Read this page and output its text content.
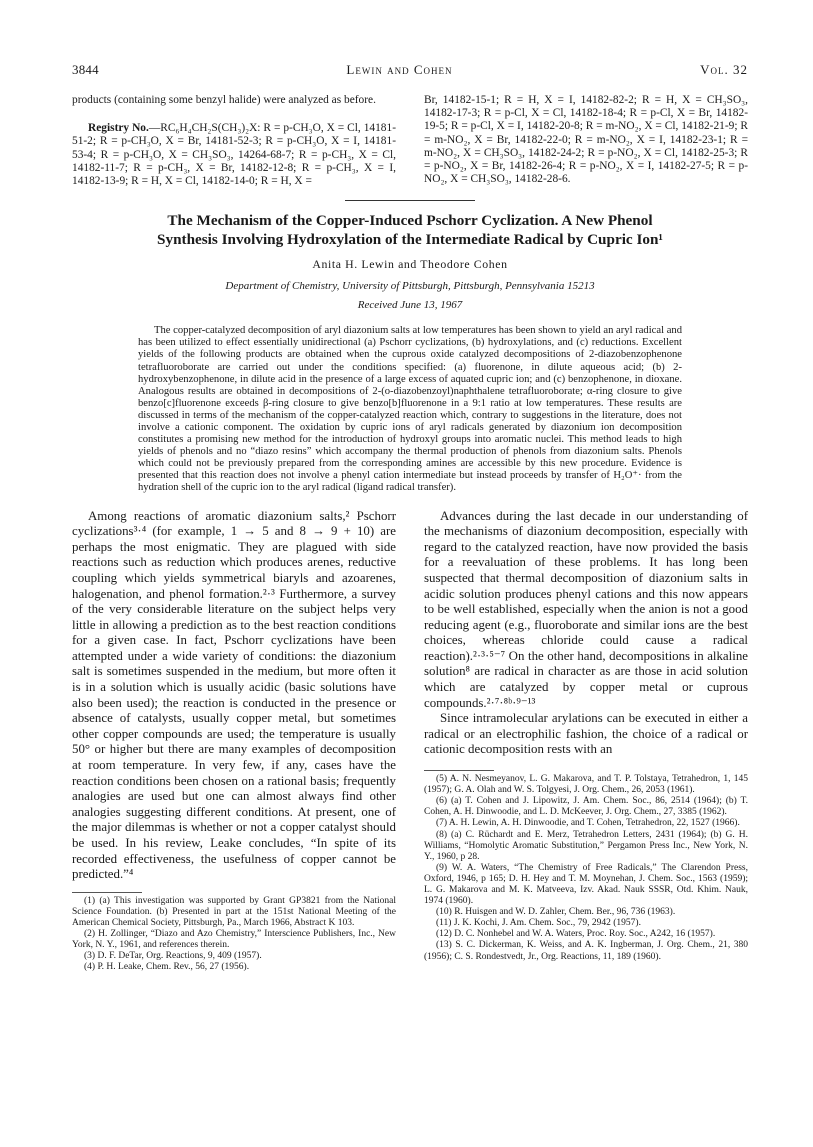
3844	Lewin and Cohen	Vol. 32

products (containing some benzyl halide) were analyzed as before.

Registry No.—RC₆H₄CH₂S(CH₃)₂X: R = p-CH₃O, X = Cl, 14181-51-2; R = p-CH₃O, X = Br, 14181-52-3; R = p-CH₃O, X = I, 14181-53-4; R = p-CH₃O, X = CH₃SO₃, 14264-68-7; R = p-CH₃, X = Cl, 14182-11-7; R = p-CH₃, X = Br, 14182-12-8; R = p-CH₃, X = I, 14182-13-9; R = H, X = Cl, 14182-14-0; R = H, X =

Br, 14182-15-1; R = H, X = I, 14182-82-2; R = H, X = CH₃SO₃, 14182-17-3; R = p-Cl, X = Cl, 14182-18-4; R = p-Cl, X = Br, 14182-19-5; R = p-Cl, X = I, 14182-20-8; R = m-NO₂, X = Cl, 14182-21-9; R = m-NO₂, X = Br, 14182-22-0; R = m-NO₂, X = I, 14182-23-1; R = m-NO₂, X = CH₃SO₃, 14182-24-2; R = p-NO₂, X = Cl, 14182-25-3; R = p-NO₂, X = Br, 14182-26-4; R = p-NO₂, X = I, 14182-27-5; R = p-NO₂, X = CH₃SO₃, 14182-28-6.

The Mechanism of the Copper-Induced Pschorr Cyclization. A New Phenol
Synthesis Involving Hydroxylation of the Intermediate Radical by Cupric Ion¹
Anita H. Lewin and Theodore Cohen
Department of Chemistry, University of Pittsburgh, Pittsburgh, Pennsylvania 15213
Received June 13, 1967
The copper-catalyzed decomposition of aryl diazonium salts at low temperatures has been shown to yield an aryl radical and has been utilized to effect essentially unidirectional (a) Pschorr cyclizations, (b) hydroxylations, and (c) reductions. Excellent yields of the following products are obtained when the cuprous oxide catalyzed decompositions of 2-diazobenzophenone tetrafluoroborate are carried out under the conditions specified: (a) fluorenone, in dilute aqueous acid; (b) 2-hydroxybenzophenone, in dilute acid in the presence of a large excess of aquated cupric ion; and (c) benzophenone, in dioxane. Analogous results are obtained in decompositions of 2-(o-diazobenzoyl)naphthalene tetrafluoroborate; α-ring closure to give benzo[c]fluorenone exceeds β-ring closure to give benzo[b]fluorenone in a 9:1 ratio at low temperatures. These results are discussed in terms of the mechanism of the copper-catalyzed reaction which, contrary to suggestions in the literature, does not involve a cationic component. The oxidation by cupric ions of aryl radicals generated by diazonium ion decomposition constitutes a promising new method for the introduction of hydroxyl groups into aromatic nuclei. This method leads to high yields of phenols and no “diazo resins” which accompany the thermal production of phenols from diazonium salts. Phenols which could not be previously prepared from the corresponding amines are accessible by this new procedure. Evidence is presented that this reaction does not involve a phenyl cation intermediate but instead proceeds by transfer of H₂O⁺· from the hydration shell of the cupric ion to the aryl radical (ligand radical transfer).

Among reactions of aromatic diazonium salts,² Pschorr cyclizations³·⁴ (for example, 1 → 5 and 8 → 9 + 10) are perhaps the most enigmatic. They are plagued with side reactions such as reduction which produces arenes, reductive coupling which yields symmetrical biaryls and azoarenes, halogenation, and phenol formation.²·³ Furthermore, a survey of the very considerable literature on the subject helps very little in allowing a prediction as to the best reaction conditions for a given case. In fact, Pschorr cyclizations have been attempted under a wide variety of conditions: the diazonium salt is sometimes suspended in the medium, but more often it is in a solution which is usually acidic (basic solutions have also been used); the reaction is conducted in the presence or absence of catalysts, usually copper metal, but sometimes other copper compounds are used; the temperature is usually 50° or higher but there are many examples of decomposition at room temperature. In very few, if any, cases have the reaction conditions been chosen on a rational basis; frequently analogies are used but one can almost always find other analogies suggesting different conditions. At present, one of the major dilemmas is whether or not a copper catalyst should be used. In his review, Leake concludes, “In spite of its recorded effectiveness, the usefulness of copper cannot be predicted.”⁴

(1) (a) This investigation was supported by Grant GP3821 from the National Science Foundation. (b) Presented in part at the 151st National Meeting of the American Chemical Society, Pittsburgh, Pa., March 1966, Abstract K 103.

(2) H. Zollinger, “Diazo and Azo Chemistry,” Interscience Publishers, Inc., New York, N. Y., 1961, and references therein.

(3) D. F. DeTar, Org. Reactions, 9, 409 (1957).

(4) P. H. Leake, Chem. Rev., 56, 27 (1956).

Advances during the last decade in our understanding of the mechanisms of diazonium decomposition, especially with regard to the catalyzed reaction, have now provided the basis for a reevaluation of these problems. It has long been suspected that thermal decomposition of diazonium salts in acidic solution produces phenyl cations and this now appears to be well established, especially when the anion is not a good reducing agent (e.g., fluoroborate and similar ions are the best choices, whereas chloride could cause a radical reaction).²·³·⁵⁻⁷ On the other hand, decompositions in alkaline solution⁸ are radical in character as are those in acid solution which are catalyzed by copper metal or cuprous compounds.²·⁷·⁸ᵇ·⁹⁻¹³

Since intramolecular arylations can be executed in either a radical or an electrophilic fashion, the choice of a radical or cationic decomposition rests with an

(5) A. N. Nesmeyanov, L. G. Makarova, and T. P. Tolstaya, Tetrahedron, 1, 145 (1957); G. A. Olah and W. S. Tolgyesi, J. Org. Chem., 26, 2053 (1961).

(6) (a) T. Cohen and J. Lipowitz, J. Am. Chem. Soc., 86, 2514 (1964); (b) T. Cohen, A. H. Dinwoodie, and L. D. McKeever, J. Org. Chem., 27, 3385 (1962).

(7) A. H. Lewin, A. H. Dinwoodie, and T. Cohen, Tetrahedron, 22, 1527 (1966).

(8) (a) C. Rüchardt and E. Merz, Tetrahedron Letters, 2431 (1964); (b) G. H. Williams, “Homolytic Aromatic Substitution,” Pergamon Press Inc., New York, N. Y., 1960, p 28.

(9) W. A. Waters, “The Chemistry of Free Radicals,” The Clarendon Press, Oxford, 1946, p 165; D. H. Hey and T. M. Moynehan, J. Chem. Soc., 1563 (1959); L. G. Makarova and M. K. Matveeva, Izv. Akad. Nauk SSSR, Otd. Khim. Nauk, 1974 (1960).

(10) R. Huisgen and W. D. Zahler, Chem. Ber., 96, 736 (1963).

(11) J. K. Kochi, J. Am. Chem. Soc., 79, 2942 (1957).

(12) D. C. Nonhebel and W. A. Waters, Proc. Roy. Soc., A242, 16 (1957).

(13) S. C. Dickerman, K. Weiss, and A. K. Ingberman, J. Org. Chem., 21, 380 (1956); C. S. Rondestvedt, Jr., Org. Reactions, 11, 189 (1960).
